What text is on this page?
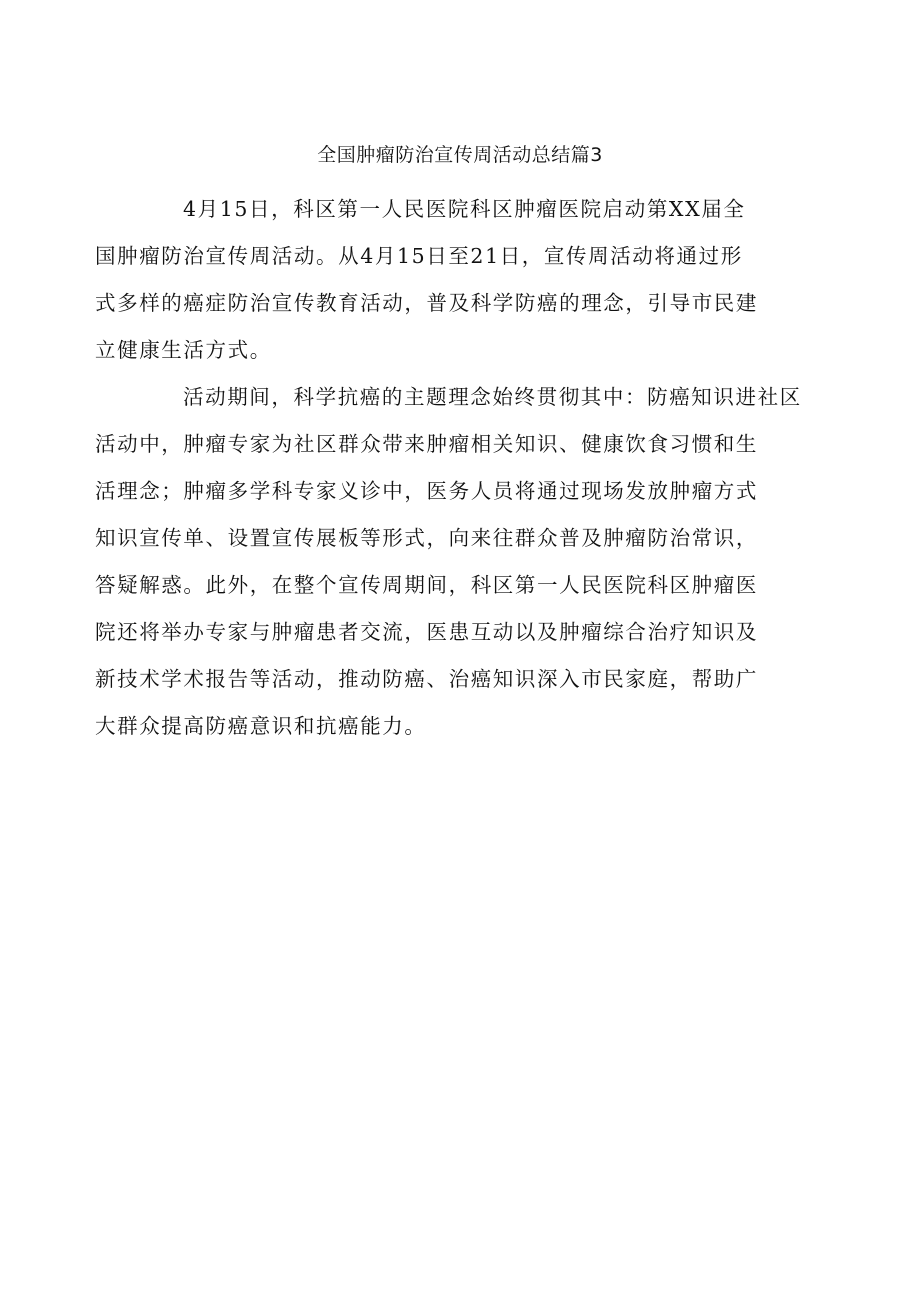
全国肿瘤防治宣传周活动总结篇3

4月15日，科区第一人民医院科区肿瘤医院启动第XX届全
国肿瘤防治宣传周活动。从4月15日至21日，宣传周活动将通过形
式多样的癌症防治宣传教育活动，普及科学防癌的理念，引导市民建
立健康生活方式。

活动期间，科学抗癌的主题理念始终贯彻其中：防癌知识进社区
活动中，肿瘤专家为社区群众带来肿瘤相关知识、健康饮食习惯和生
活理念；肿瘤多学科专家义诊中，医务人员将通过现场发放肿瘤方式
知识宣传单、设置宣传展板等形式，向来往群众普及肿瘤防治常识，
答疑解惑。此外，在整个宣传周期间，科区第一人民医院科区肿瘤医
院还将举办专家与肿瘤患者交流，医患互动以及肿瘤综合治疗知识及
新技术学术报告等活动，推动防癌、治癌知识深入市民家庭，帮助广
大群众提高防癌意识和抗癌能力。
